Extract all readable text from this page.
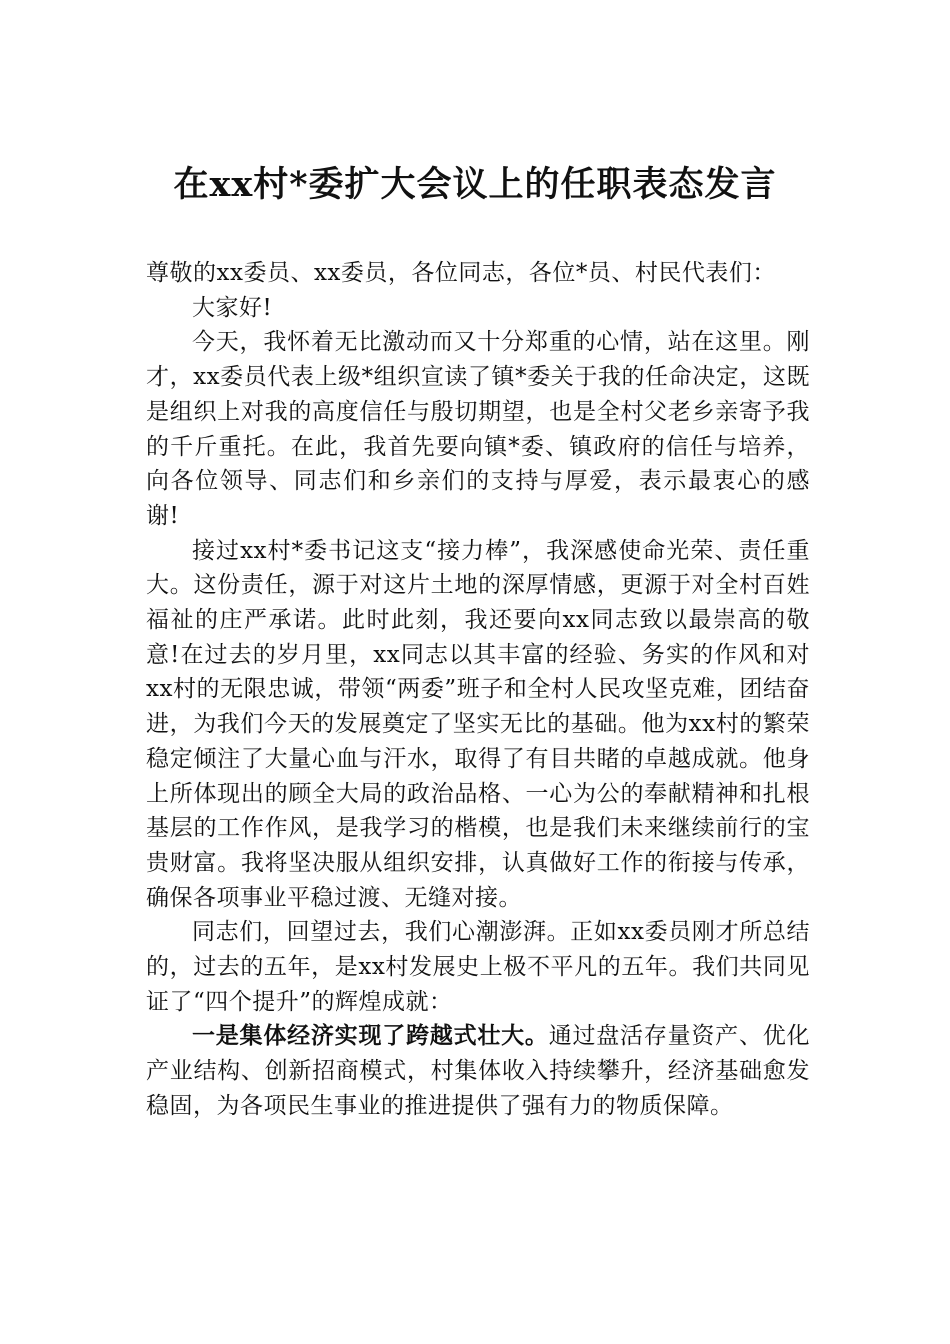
在xx村*委扩大会议上的任职表态发言

尊敬的xx委员、xx委员，各位同志，各位*员、村民代表们：

大家好!

今天，我怀着无比激动而又十分郑重的心情，站在这里。刚才，xx委员代表上级*组织宣读了镇*委关于我的任命决定，这既是组织上对我的高度信任与殷切期望，也是全村父老乡亲寄予我的千斤重托。在此，我首先要向镇*委、镇政府的信任与培养，向各位领导、同志们和乡亲们的支持与厚爱，表示最衷心的感谢!

接过xx村*委书记这支“接力棒”，我深感使命光荣、责任重大。这份责任，源于对这片土地的深厚情感，更源于对全村百姓福祉的庄严承诺。此时此刻，我还要向xx同志致以最崇高的敬意!在过去的岁月里，xx同志以其丰富的经验、务实的作风和对xx村的无限忠诚，带领“两委”班子和全村人民攻坚克难，团结奋进，为我们今天的发展奠定了坚实无比的基础。他为xx村的繁荣稳定倾注了大量心血与汗水，取得了有目共睹的卓越成就。他身上所体现出的顾全大局的政治品格、一心为公的奉献精神和扎根基层的工作作风，是我学习的楷模，也是我们未来继续前行的宝贵财富。我将坚决服从组织安排，认真做好工作的衔接与传承，确保各项事业平稳过渡、无缝对接。

同志们，回望过去，我们心潮澎湃。正如xx委员刚才所总结的，过去的五年，是xx村发展史上极不平凡的五年。我们共同见证了“四个提升”的辉煌成就：

一是集体经济实现了跨越式壮大。通过盘活存量资产、优化产业结构、创新招商模式，村集体收入持续攀升，经济基础愈发稳固，为各项民生事业的推进提供了强有力的物质保障。
